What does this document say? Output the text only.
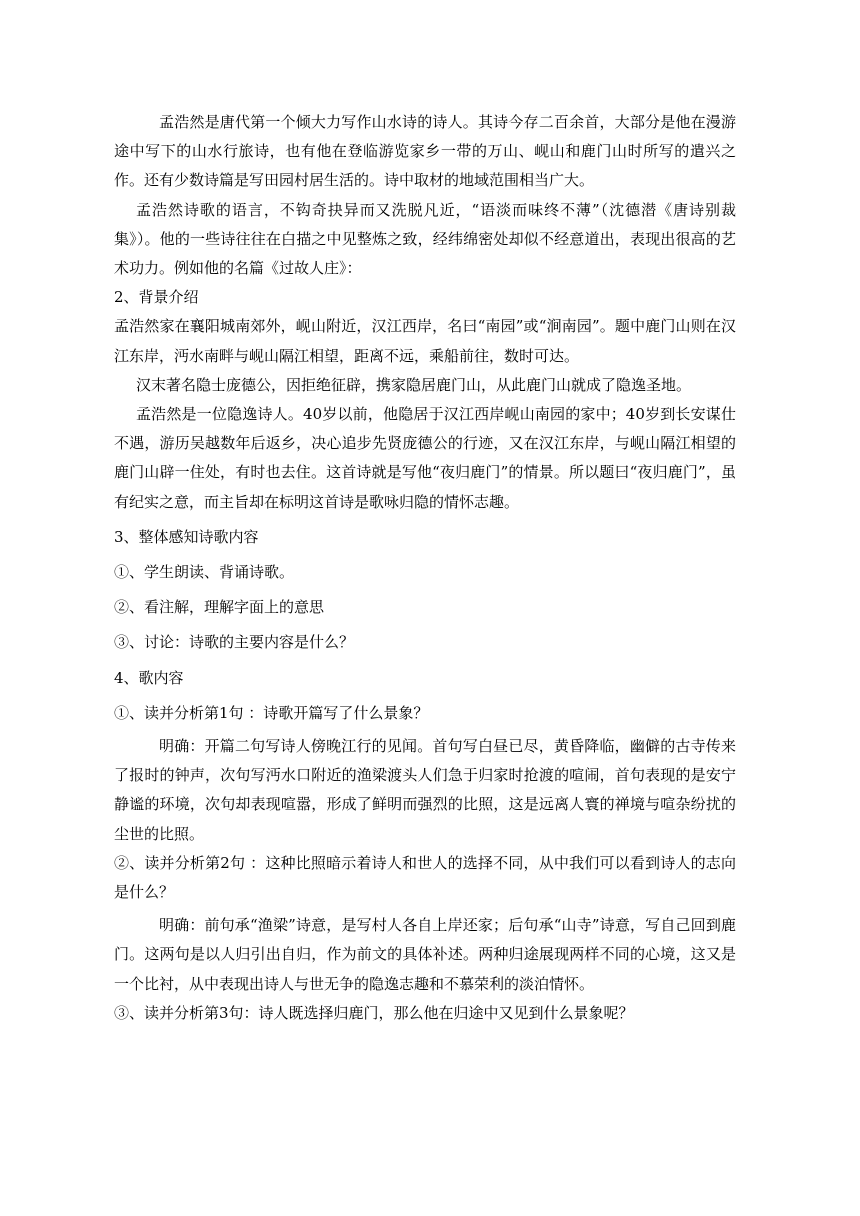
孟浩然是唐代第一个倾大力写作山水诗的诗人。其诗今存二百余首，大部分是他在漫游途中写下的山水行旅诗，也有他在登临游览家乡一带的万山、岘山和鹿门山时所写的遣兴之作。还有少数诗篇是写田园村居生活的。诗中取材的地域范围相当广大。

孟浩然诗歌的语言，不钩奇抉异而又洗脱凡近，“语淡而味终不薄”（沈德潜《唐诗别裁集》）。他的一些诗往往在白描之中见整炼之致，经纬绵密处却似不经意道出，表现出很高的艺术功力。例如他的名篇《过故人庄》：

2、背景介绍

孟浩然家在襄阳城南郊外，岘山附近，汉江西岸，名曰“南园”或“涧南园”。题中鹿门山则在汉江东岸，沔水南畔与岘山隔江相望，距离不远，乘船前往，数时可达。

汉末著名隐士庞德公，因拒绝征辟，携家隐居鹿门山，从此鹿门山就成了隐逸圣地。

孟浩然是一位隐逸诗人。40岁以前，他隐居于汉江西岸岘山南园的家中；40岁到长安谋仕不遇，游历吴越数年后返乡，决心追步先贤庞德公的行迹，又在汉江东岸，与岘山隔江相望的鹿门山辟一住处，有时也去住。这首诗就是写他“夜归鹿门”的情景。所以题曰“夜归鹿门”，虽有纪实之意，而主旨却在标明这首诗是歌咏归隐的情怀志趣。

3、整体感知诗歌内容

①、学生朗读、背诵诗歌。

②、看注解，理解字面上的意思

③、讨论：诗歌的主要内容是什么？

4、歌内容

①、读并分析第1句 ：诗歌开篇写了什么景象？

明确：开篇二句写诗人傍晚江行的见闻。首句写白昼已尽，黄昏降临，幽僻的古寺传来了报时的钟声，次句写沔水口附近的渔梁渡头人们急于归家时抢渡的喧闹，首句表现的是安宁静谧的环境，次句却表现喧嚣，形成了鲜明而强烈的比照，这是远离人寰的禅境与喧杂纷扰的尘世的比照。

②、读并分析第2句 ：这种比照暗示着诗人和世人的选择不同，从中我们可以看到诗人的志向是什么？

明确：前句承“渔梁”诗意，是写村人各自上岸还家；后句承“山寺”诗意，写自己回到鹿门。这两句是以人归引出自归，作为前文的具体补述。两种归途展现两样不同的心境，这又是一个比衬，从中表现出诗人与世无争的隐逸志趣和不慕荣利的淡泊情怀。

③、读并分析第3句：诗人既选择归鹿门，那么他在归途中又见到什么景象呢？
